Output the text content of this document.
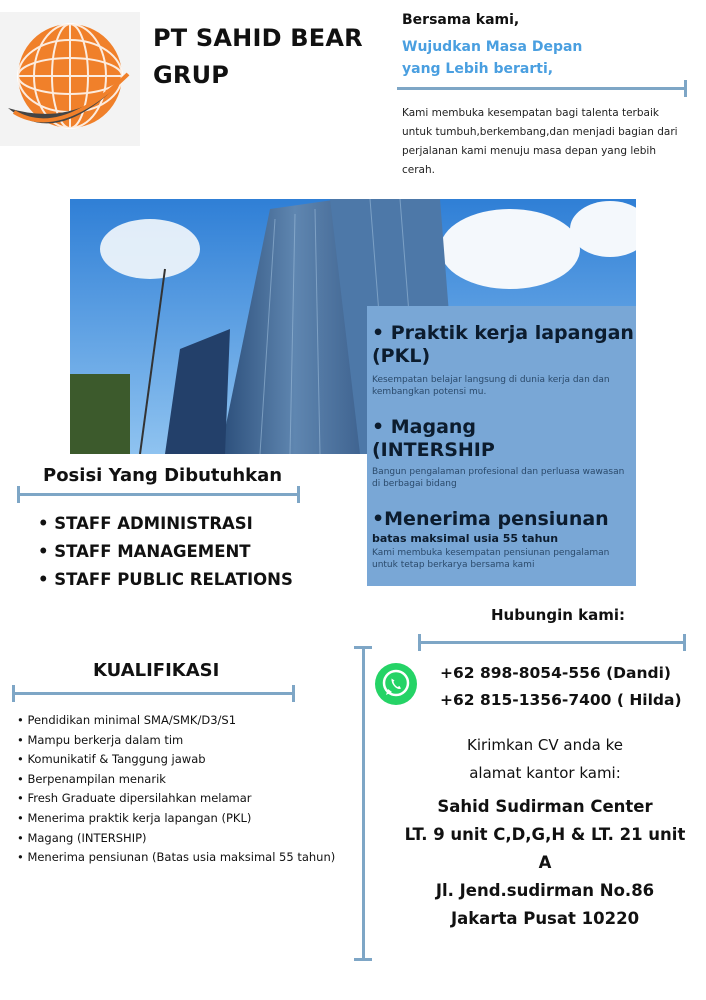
PT SAHID BEAR
GRUP
Bersama kami,
Wujudkan Masa Depan
yang Lebih berarti,
Kami membuka kesempatan bagi talenta terbaik untuk tumbuh,berkembang,dan menjadi bagian dari perjalanan kami menuju masa depan yang lebih cerah.
• Praktik kerja lapangan
(PKL)
Kesempatan belajar langsung di dunia kerja dan dan kembangkan potensi mu.
• Magang
(INTERSHIP
Bangun pengalaman profesional dan perluasa wawasan di berbagai bidang
•Menerima pensiunan
batas maksimal usia 55 tahun
Kami membuka kesempatan pensiunan pengalaman untuk tetap berkarya bersama kami
Posisi Yang Dibutuhkan
• STAFF ADMINISTRASI
• STAFF MANAGEMENT
• STAFF PUBLIC RELATIONS
KUALIFIKASI
• Pendidikan minimal SMA/SMK/D3/S1
• Mampu berkerja dalam tim
• Komunikatif & Tanggung jawab
• Berpenampilan menarik
• Fresh Graduate dipersilahkan melamar
• Menerima praktik kerja lapangan (PKL)
• Magang (INTERSHIP)
• Menerima pensiunan (Batas usia maksimal 55 tahun)
Hubungin kami:
+62 898-8054-556 (Dandi)
+62 815-1356-7400 ( Hilda)
Kirimkan CV anda ke
alamat kantor kami:
Sahid Sudirman Center
LT. 9 unit C,D,G,H & LT. 21 unit A
Jl. Jend.sudirman No.86
Jakarta Pusat 10220
